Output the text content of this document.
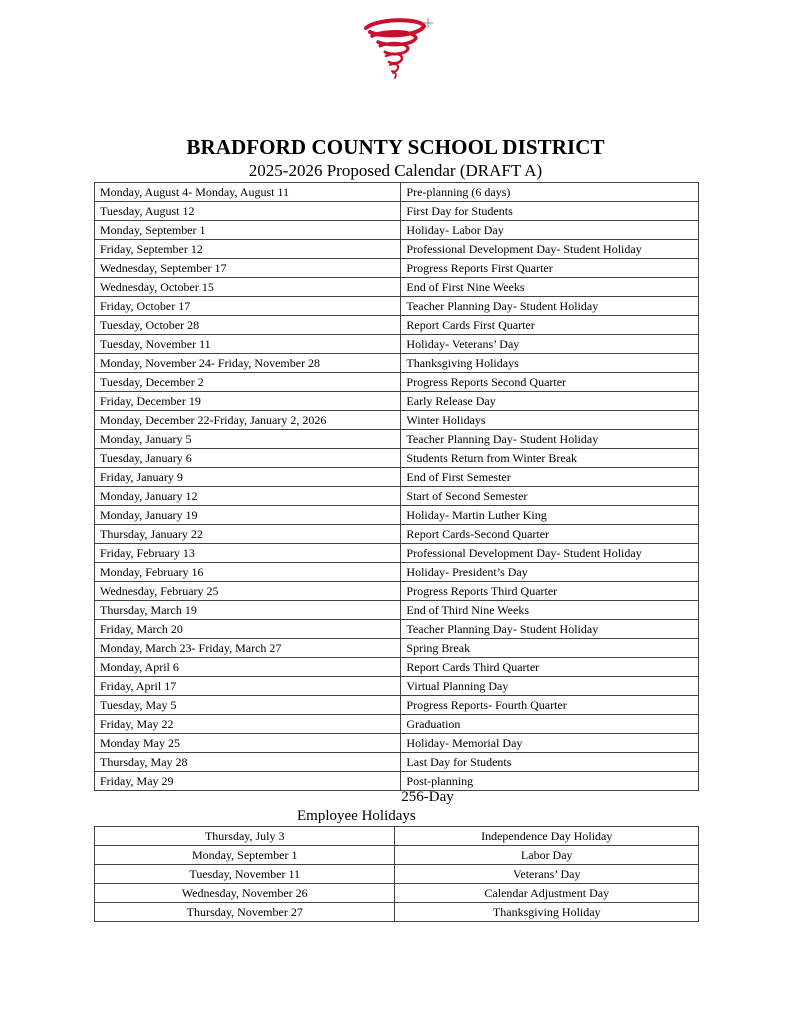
BRADFORD COUNTY SCHOOL DISTRICT
2025-2026 Proposed Calendar (DRAFT A)
Monday, August 4- Monday, August 11	Pre-planning (6 days)
Tuesday, August 12	First Day for Students
Monday, September 1	Holiday- Labor Day
Friday, September 12	Professional Development Day- Student Holiday
Wednesday, September 17	Progress Reports First Quarter
Wednesday, October 15	End of First Nine Weeks
Friday, October 17	Teacher Planning Day- Student Holiday
Tuesday, October 28	Report Cards First Quarter
Tuesday, November 11	Holiday- Veterans’ Day
Monday, November 24- Friday, November 28	Thanksgiving Holidays
Tuesday, December 2	Progress Reports Second Quarter
Friday, December 19	Early Release Day
Monday, December 22-Friday, January 2, 2026	Winter Holidays
Monday, January 5	Teacher Planning Day- Student Holiday
Tuesday, January 6	Students Return from Winter Break
Friday, January 9	End of First Semester
Monday, January 12	Start of Second Semester
Monday, January 19	Holiday- Martin Luther King
Thursday, January 22	Report Cards-Second Quarter
Friday, February 13	Professional Development Day- Student Holiday
Monday, February 16	Holiday- President’s Day
Wednesday, February 25	Progress Reports Third Quarter
Thursday, March 19	End of Third Nine Weeks
Friday, March 20	Teacher Planning Day- Student Holiday
Monday, March 23- Friday, March 27	Spring Break
Monday, April 6	Report Cards Third Quarter
Friday, April 17	Virtual Planning Day
Tuesday, May 5	Progress Reports- Fourth Quarter
Friday, May 22	Graduation
Monday May 25	Holiday- Memorial Day
Thursday, May 28	Last Day for Students
Friday, May 29	Post-planning
256-Day
Employee Holidays
Thursday, July 3	Independence Day Holiday
Monday, September 1	Labor Day
Tuesday, November 11	Veterans’ Day
Wednesday, November 26	Calendar Adjustment Day
Thursday, November 27	Thanksgiving Holiday
